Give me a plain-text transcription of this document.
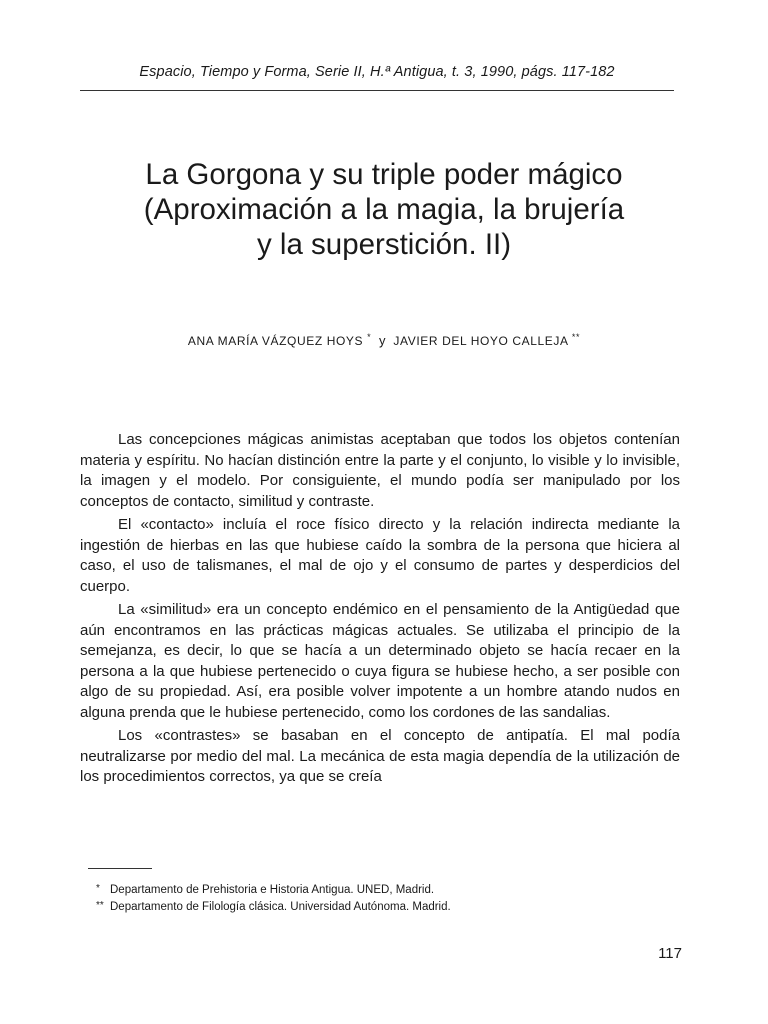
Espacio, Tiempo y Forma, Serie II, H.ª Antigua, t. 3, 1990, págs. 117-182
La Gorgona y su triple poder mágico
(Aproximación a la magia, la brujería
y la superstición. II)
ANA MARÍA VÁZQUEZ HOYS * y JAVIER DEL HOYO CALLEJA **

Las concepciones mágicas animistas aceptaban que todos los objetos contenían materia y espíritu. No hacían distinción entre la parte y el conjunto, lo visible y lo invisible, la imagen y el modelo. Por consiguiente, el mundo podía ser manipulado por los conceptos de contacto, similitud y contraste.

El «contacto» incluía el roce físico directo y la relación indirecta mediante la ingestión de hierbas en las que hubiese caído la sombra de la persona que hiciera al caso, el uso de talismanes, el mal de ojo y el consumo de partes y desperdicios del cuerpo.

La «similitud» era un concepto endémico en el pensamiento de la Antigüedad que aún encontramos en las prácticas mágicas actuales. Se utilizaba el principio de la semejanza, es decir, lo que se hacía a un determinado objeto se hacía recaer en la persona a la que hubiese pertenecido o cuya figura se hubiese hecho, a ser posible con algo de su propiedad. Así, era posible volver impotente a un hombre atando nudos en alguna prenda que le hubiese pertenecido, como los cordones de las sandalias.

Los «contrastes» se basaban en el concepto de antipatía. El mal podía neutralizarse por medio del mal. La mecánica de esta magia dependía de la utilización de los procedimientos correctos, ya que se creía

* Departamento de Prehistoria e Historia Antigua. UNED, Madrid.
** Departamento de Filología clásica. Universidad Autónoma. Madrid.
117
